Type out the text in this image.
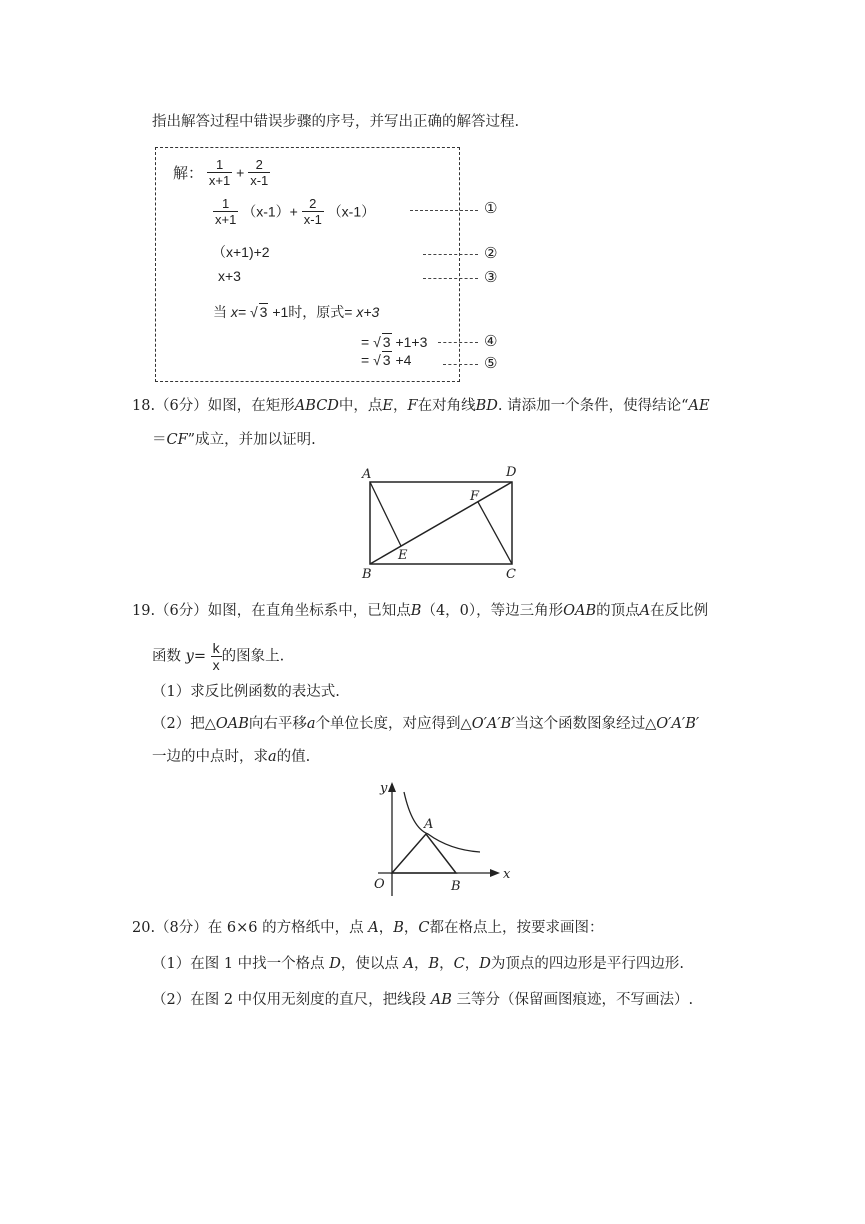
指出解答过程中错误步骤的序号，并写出正确的解答过程.
解： $\frac{1}{x+1} + \frac{2}{x-1}$
$\frac{1}{x+1} (x-1)+ \frac{2}{x-1} (x-1)$
（x+1)+2
x+3
当 x= √ 3 +1时，原式= x+3
= √ 3 +1+3
= √ 3 +4
①
②
③
④
⑤
18.（6分）如图，在矩形ABCD中，点E，F在对角线BD. 请添加一个条件，使得结论“AE
＝CF”成立，并加以证明.
A	D
B	C
E
F
19.（6分）如图，在直角坐标系中，已知点B（4，0），等边三角形OAB的顶点A在反比例
函数 $y= \frac{k}{x}$ 的图象上.
（1）求反比例函数的表达式.
（2）把△OAB向右平移a个单位长度，对应得到△O′A′B′当这个函数图象经过△O′A′B′
一边的中点时，求a的值.
y
x
O
A
B
20.（8分）在 6×6 的方格纸中，点 A，B，C都在格点上，按要求画图：
（1）在图 1 中找一个格点 D，使以点 A，B，C，D为顶点的四边形是平行四边形.
（2）在图 2 中仅用无刻度的直尺，把线段 AB 三等分（保留画图痕迹，不写画法）.
